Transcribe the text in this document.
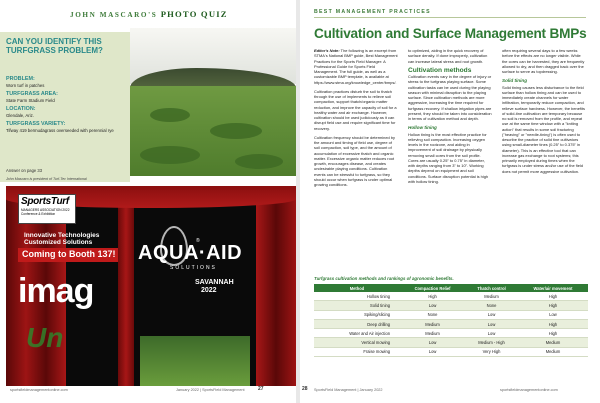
JOHN MASCARO'S PHOTO QUIZ
CAN YOU IDENTIFY THIS TURFGRASS PROBLEM?
PROBLEM:
Worn turf in patches
TURFGRASS AREA:
State Farm Stadium Field
LOCATION:
Glendale, Ariz.
TURFGRASS VARIETY:
Tifway 419 bermudagrass overseeded with perennial rye
Answer on page 33
John Mascaro is president of Turf-Tec International
SportsTurf
MANAGERS ASSOCIATION 2022 Conference & Exhibition
Innovative Technologies
Customized Solutions
Coming to Booth 137!
imag
Un
AQUA·AID
®
SOLUTIONS
SAVANNAH
2022
sportsfieldmanagementonline.com	January 2022 | SportsField Management	27
BEST MANAGEMENT PRACTICES
Cultivation and Surface Management BMPs

Editor's Note: The following is an excerpt from STMA's National BMP guide, Best Management Practices for the Sports Field Manager: A Professional Guide for Sports Field Management. The full guide, as well as a customizable BMP template, is available at https://www.stma.org/knowledge_center/bmps/.

Cultivation practices disturb the soil to thatch through the use of implements to relieve soil compaction, support thatch/organic matter reduction, and improve the capacity of soil for a healthy water and air exchange. However, cultivation should be used judiciously as it can disrupt field use and require significant time for recovery.

Cultivation frequency should be determined by the amount and timing of field use, degree of soil compaction, soil type, and the amount of accumulation of excessive thatch and organic matter. Excessive organic matter reduces root growth, encourages disease, and creates undesirable playing conditions. Cultivation events can be stressful to turfgrass, so they should occur when turfgrass is under optimal growing conditions.

to optimized, aiding in the quick recovery of surface density. If done improperly, cultivation can increase lateral stress and root growth.

Cultivation methods

Cultivation events vary in the degree of injury or stress to the turfgrass playing surface. Some cultivation tasks can be used during the playing season with minimal disruption to the playing surface. Since cultivation methods are more aggressive, increasing the time required for turfgrass recovery. If shallow irrigation pipes are present, they should be taken into consideration in terms of cultivation method and depth.

Hollow tining

Hollow tining is the most effective practice for relieving soil compaction. Increasing oxygen levels in the rootzone, and aiding in improvement of soil drainage by physically removing small cores from the soil profile. Cores are usually 0.25" to 0.75" in diameter, with depths ranging from 3" to 10". Working depths depend on equipment and soil conditions. Surface disruption potential is high with hollow tining.

often requiring several days to a few weeks before the effects are no longer visible. While the cores can be harvested, they are frequently allowed to dry, and then dragged back over the surface to serve as topdressing.

Solid tining

Solid tining causes less disturbance to the field surface than hollow tining and can be used to immediately create channels for water infiltration, temporarily reduce compaction, and relieve surface hardness. However, the benefits of solid-tine cultivation are temporary because no soil is removed from the profile, and repeat use at the same time window with a "kniting action" that results in some soil fracturing ("heaving" or "needle-tining") is often used to describe the practice of solid tine cultivators using small-diameter tines (0.25" to 0.375" in diameter). This is an effective tool that can increase gas exchange to root systems; this primarily employed during times when the turfgrass is under stress and/or use of the field does not permit more aggressive cultivation.

Turfgrass cultivation methods and rankings of agronomic benefits.
Method	Compaction Relief	Thatch control	Water/air movement
Hollow tining	High	Medium	High
Solid tining	Low	None	High
Spiking/slicing	None	Low	Low
Deep drilling	Medium	Low	High
Water and Air injection	Medium	Low	High
Vertical mowing	Low	Medium - High	Medium
Fraise mowing	Low	Very High	Medium
28 SportsField Management | January 2022	sportsfieldmanagementonline.com
